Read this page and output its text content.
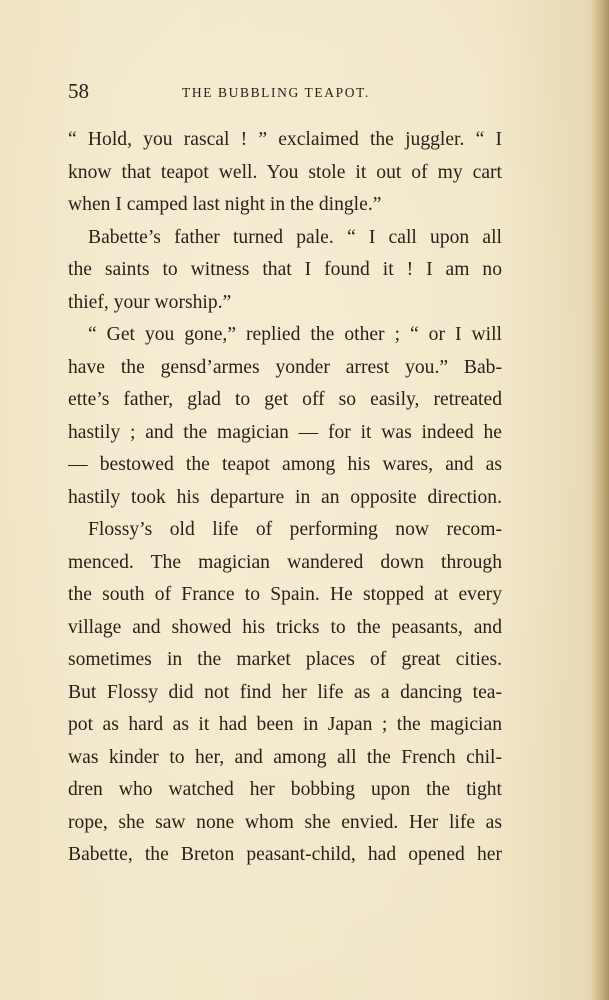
58	THE BUBBLING TEAPOT.
“ Hold, you rascal ! ” exclaimed the juggler. “ I
know that teapot well. You stole it out of my cart
when I camped last night in the dingle.”
Babette’s father turned pale. “ I call upon all
the saints to witness that I found it ! I am no
thief, your worship.”
“ Get you gone,” replied the other ; “ or I will
have the gensd’armes yonder arrest you.” Bab-
ette’s father, glad to get off so easily, retreated
hastily ; and the magician — for it was indeed he
— bestowed the teapot among his wares, and as
hastily took his departure in an opposite direction.
Flossy’s old life of performing now recom-
menced. The magician wandered down through
the south of France to Spain. He stopped at every
village and showed his tricks to the peasants, and
sometimes in the market places of great cities.
But Flossy did not find her life as a dancing tea-
pot as hard as it had been in Japan ; the magician
was kinder to her, and among all the French chil-
dren who watched her bobbing upon the tight
rope, she saw none whom she envied. Her life as
Babette, the Breton peasant-child, had opened her
